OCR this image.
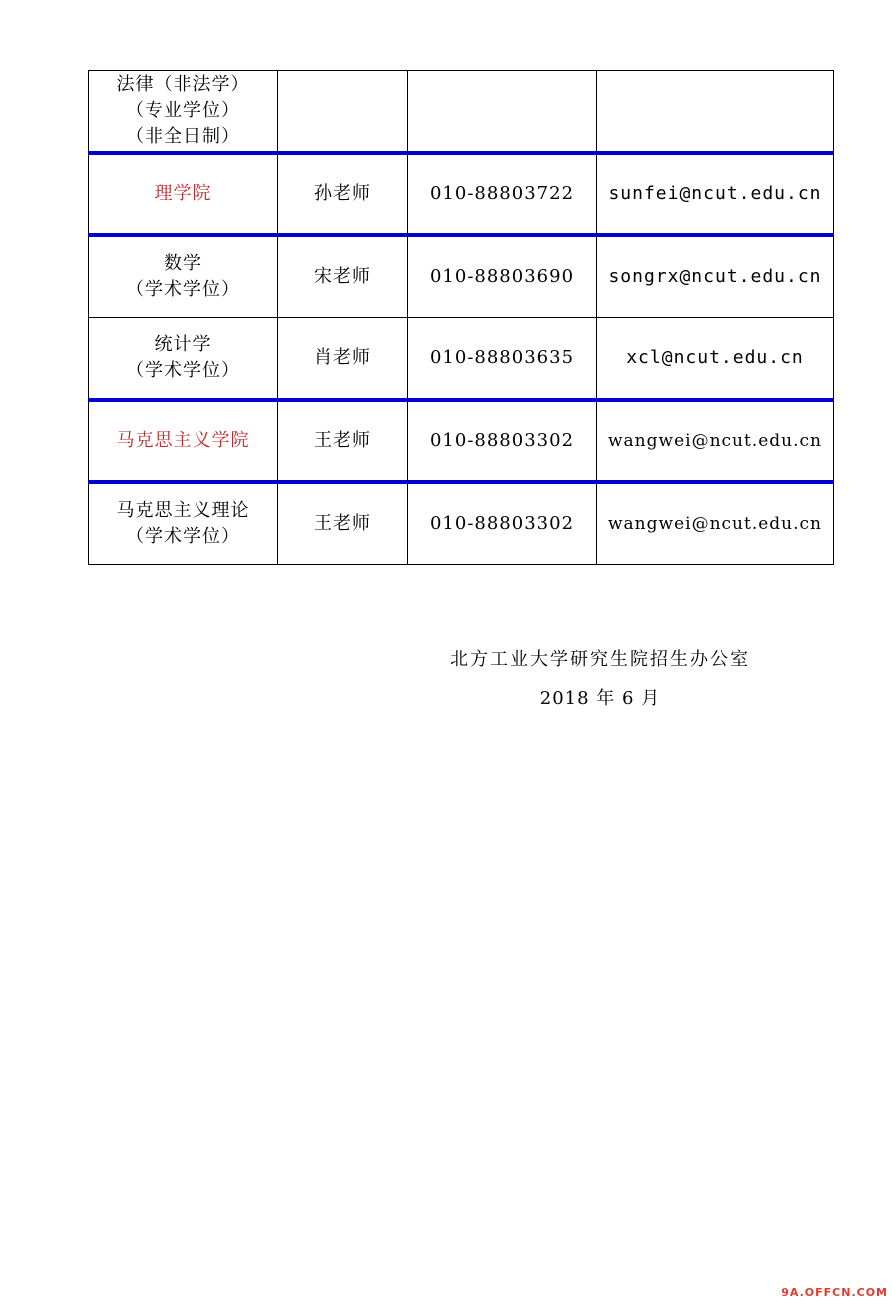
法律（非法学）
（专业学位）
（非全日制）			

理学院	孙老师	010-88803722	sunfei@ncut.edu.cn

数学
（学术学位）	宋老师	010-88803690	songrx@ncut.edu.cn

统计学
（学术学位）	肖老师	010-88803635	xcl@ncut.edu.cn

马克思主义学院	王老师	010-88803302	wangwei@ncut.edu.cn

马克思主义理论
（学术学位）	王老师	010-88803302	wangwei@ncut.edu.cn
北方工业大学研究生院招生办公室
2018 年 6 月
9A.OFFCN.COM
